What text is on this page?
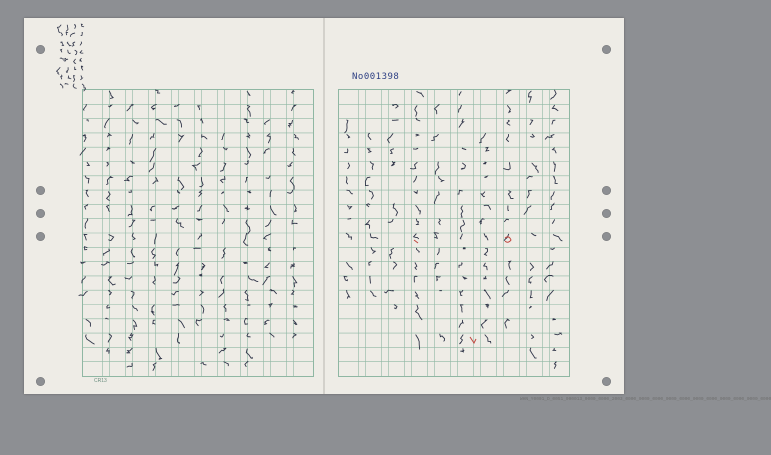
No001398
CR13
WHN_Y0001_D_0051_000013_0000_0000_2003_0000_0000_0000_0000_0000_0000_0000_0000_0000_0000_0000
